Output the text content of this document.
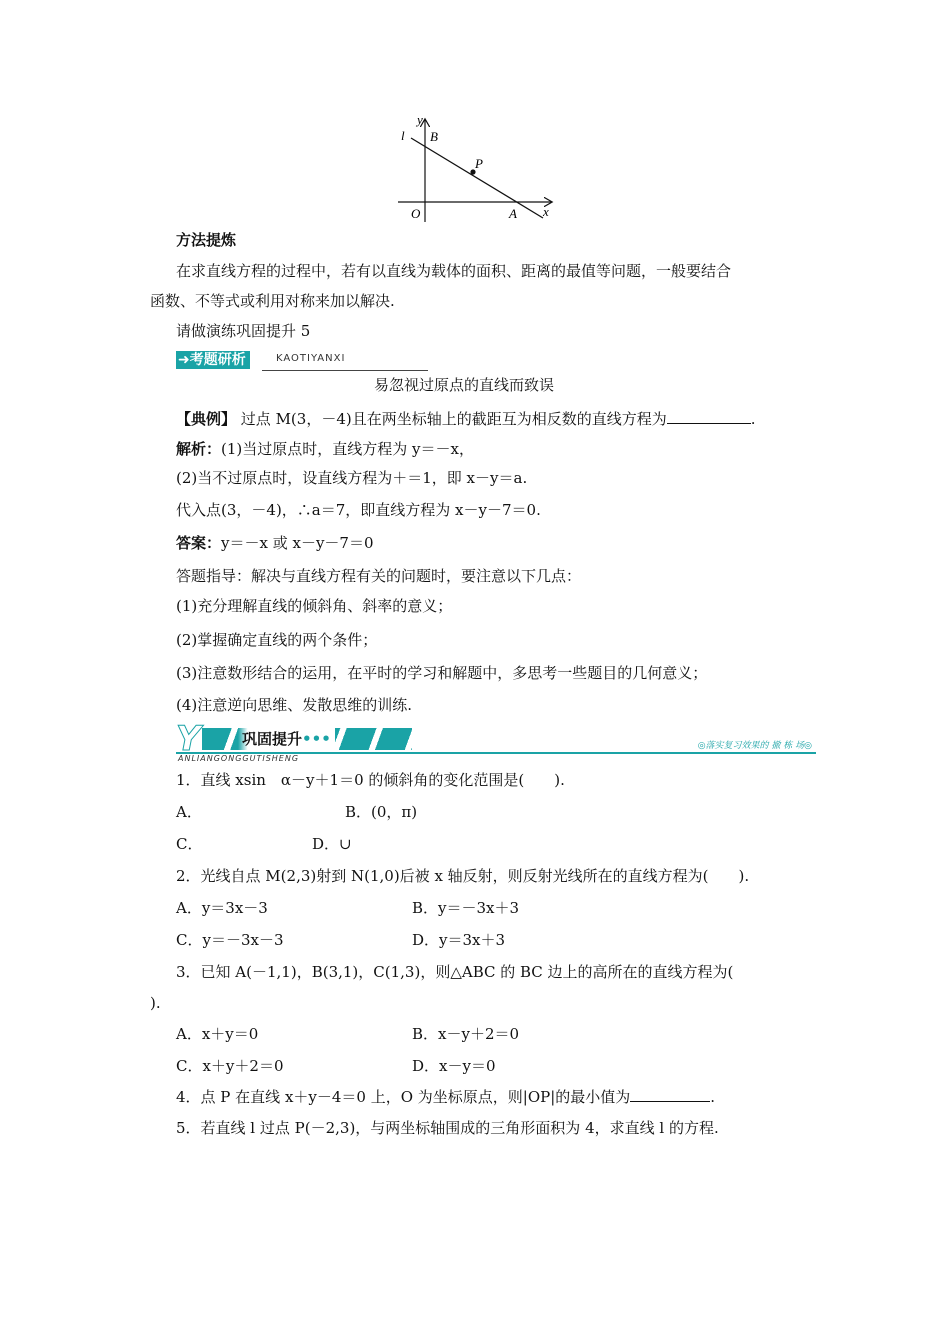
y
l B
P
O	A x
方法提炼
在求直线方程的过程中，若有以直线为载体的面积、距离的最值等问题，一般要结合
函数、不等式或利用对称来加以解决.
请做演练巩固提升 5
➜考题研析	KAOTIYANXI
易忽视过原点的直线而致误
【典例】 过点 M(3，－4)且在两坐标轴上的截距互为相反数的直线方程为	.
解析：(1)当过原点时，直线方程为 y＝－x，
(2)当不过原点时，设直线方程为＋＝1，即 x－y＝a.
代入点(3，－4)，∴a＝7，即直线方程为 x－y－7＝0.
答案：y＝－x 或 x－y－7＝0
答题指导：解决与直线方程有关的问题时，要注意以下几点：
(1)充分理解直线的倾斜角、斜率的意义；
(2)掌握确定直线的两个条件；
(3)注意数形结合的运用，在平时的学习和解题中，多思考一些题目的几何意义；
(4)注意逆向思维、发散思维的训练.
Y	巩固提升•••
ANLIANGONGGUTISHENG
◎落实复习效果的 撤 栋 场◎
1．直线 xsin　α－y＋1＝0 的倾斜角的变化范围是(　　).
A．	B．(0，π)
C．	D．∪
2．光线自点 M(2,3)射到 N(1,0)后被 x 轴反射，则反射光线所在的直线方程为(　　).
A．y＝3x－3	B．y＝－3x＋3
C．y＝－3x－3	D．y＝3x＋3
3．已知 A(－1,1)，B(3,1)，C(1,3)，则△ABC 的 BC 边上的高所在的直线方程为(
).
A．x＋y＝0	B．x－y＋2＝0
C．x＋y＋2＝0	D．x－y＝0
4．点 P 在直线 x＋y－4＝0 上，O 为坐标原点，则|OP|的最小值为	.
5．若直线 l 过点 P(－2,3)，与两坐标轴围成的三角形面积为 4，求直线 l 的方程.
